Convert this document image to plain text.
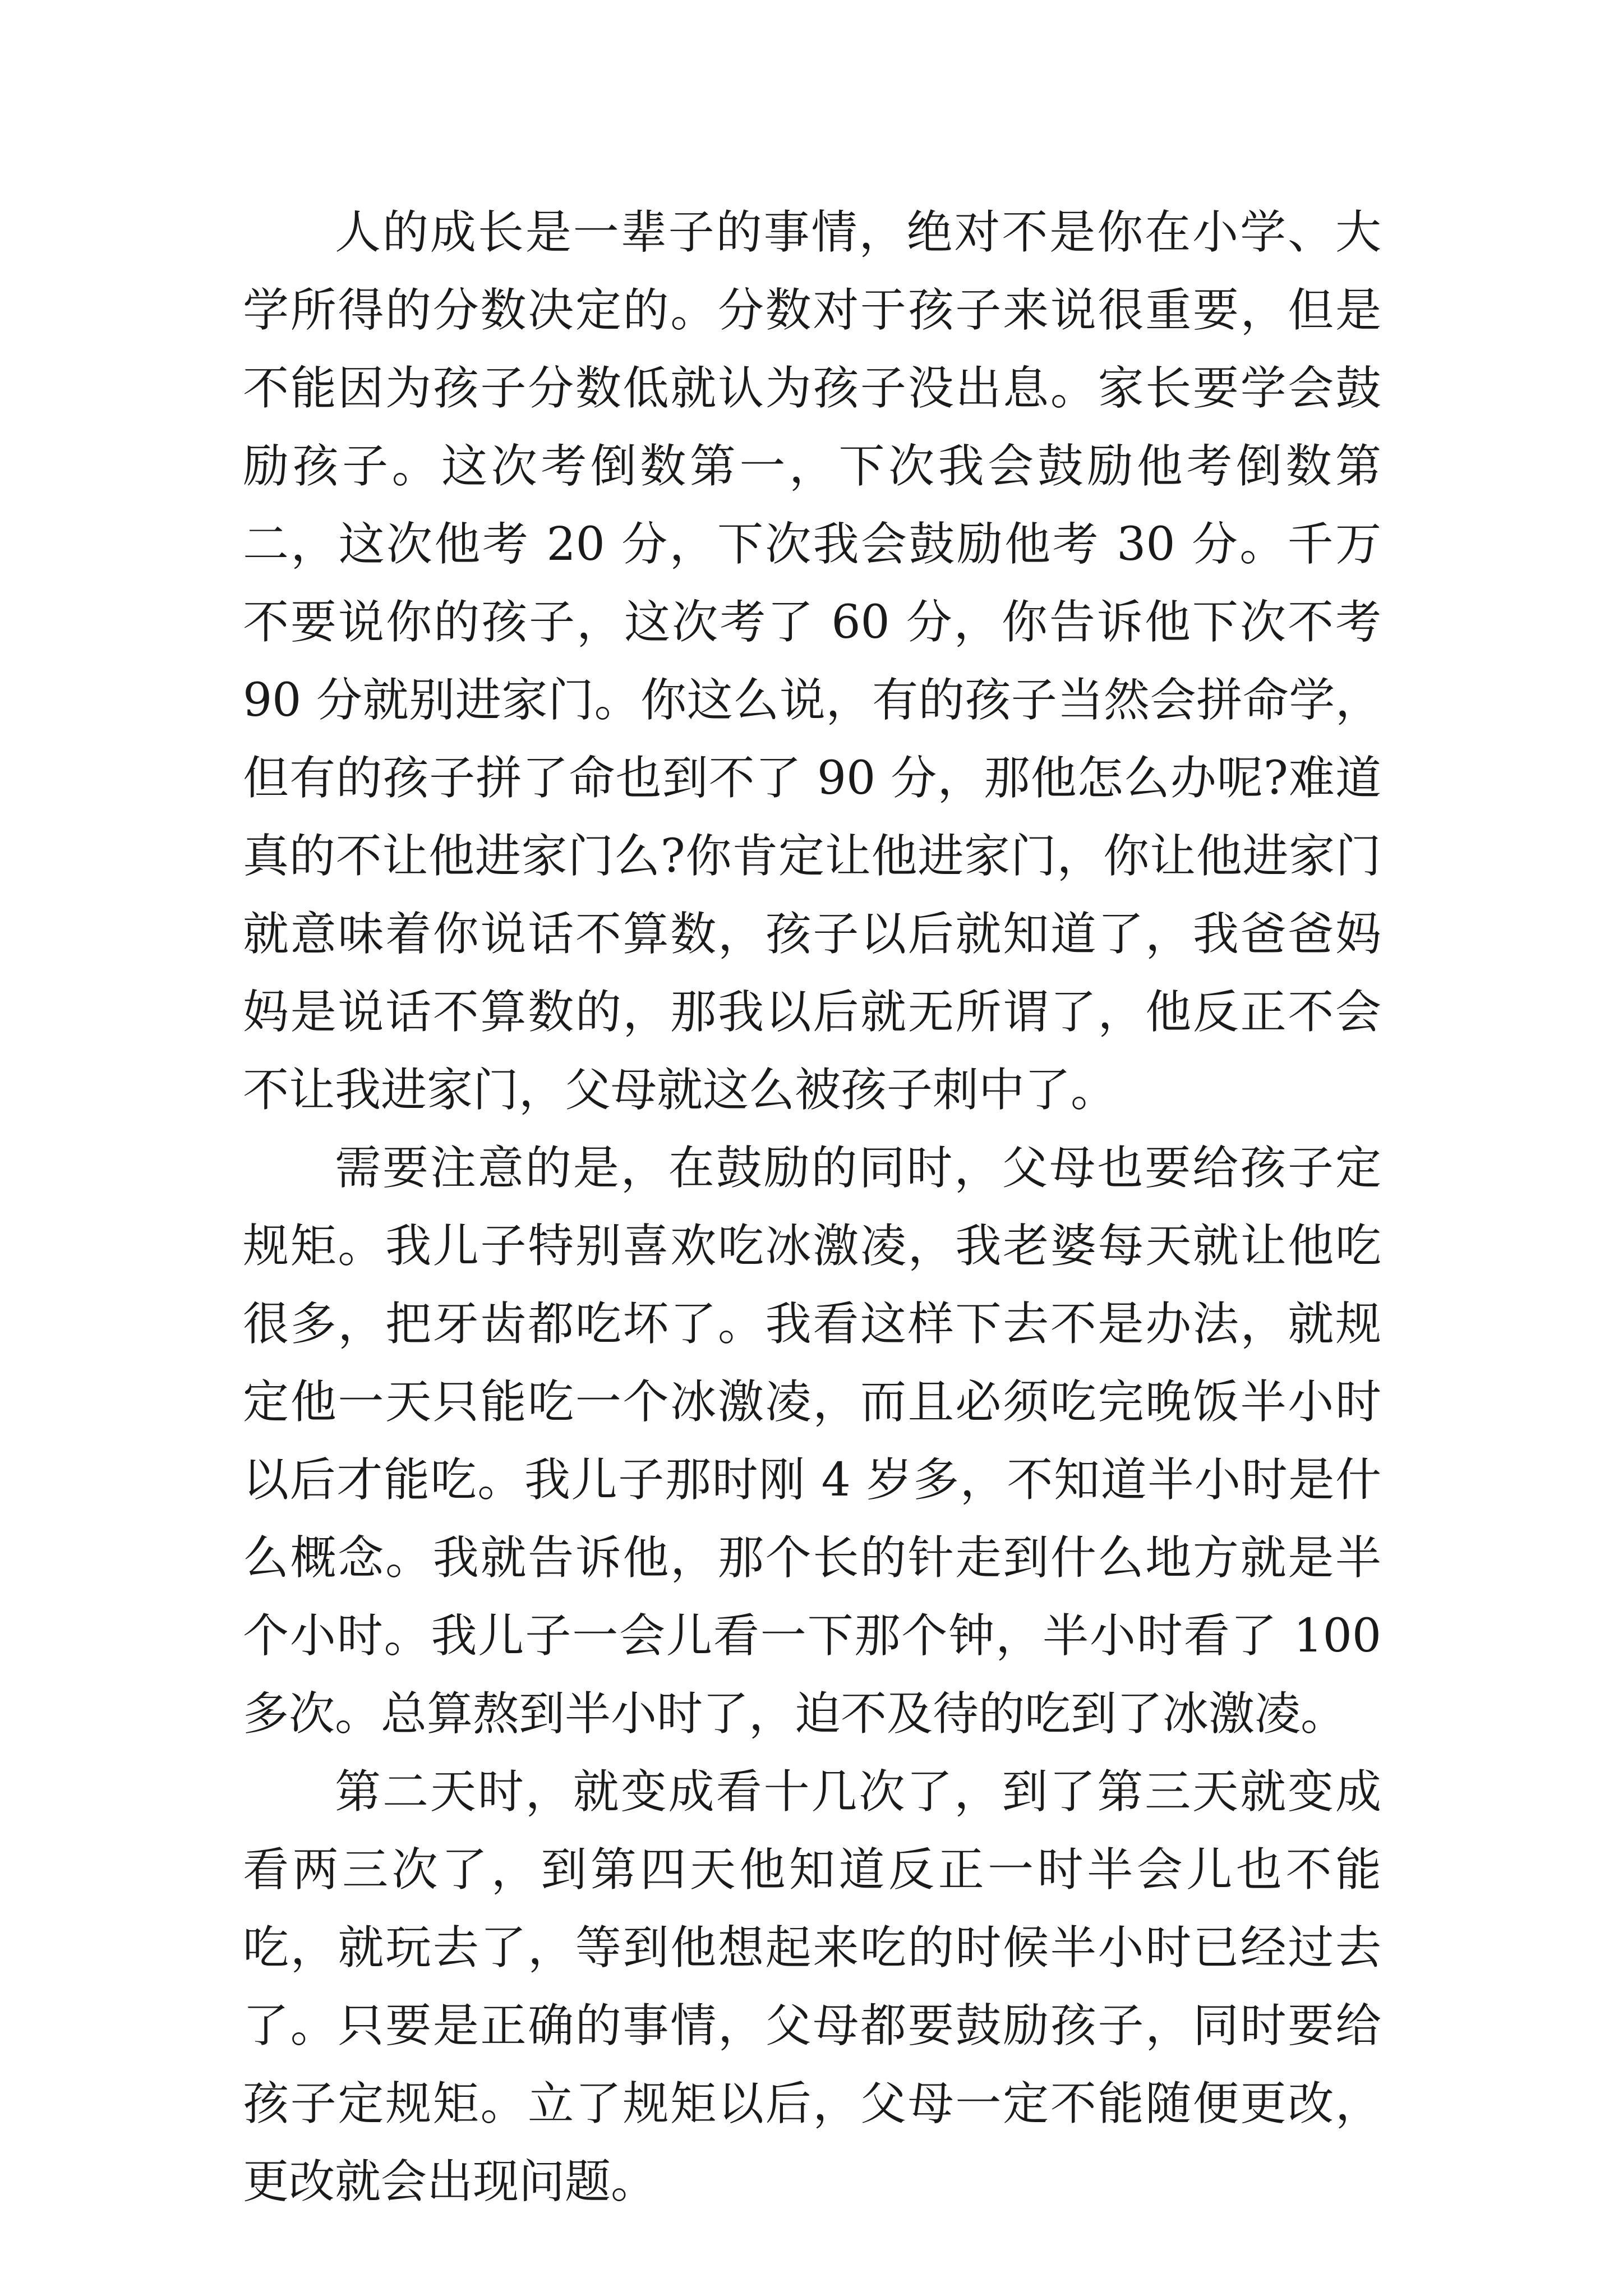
人的成长是一辈子的事情，绝对不是你在小学、大学所得的分数决定的。分数对于孩子来说很重要，但是不能因为孩子分数低就认为孩子没出息。家长要学会鼓励孩子。这次考倒数第一，下次我会鼓励他考倒数第二，这次他考 20 分，下次我会鼓励他考 30 分。千万不要说你的孩子，这次考了 60 分，你告诉他下次不考 90 分就别进家门。你这么说，有的孩子当然会拼命学，但有的孩子拼了命也到不了 90 分，那他怎么办呢?难道真的不让他进家门么?你肯定让他进家门，你让他进家门就意味着你说话不算数，孩子以后就知道了，我爸爸妈妈是说话不算数的，那我以后就无所谓了，他反正不会不让我进家门，父母就这么被孩子刺中了。

需要注意的是，在鼓励的同时，父母也要给孩子定规矩。我儿子特别喜欢吃冰激凌，我老婆每天就让他吃很多，把牙齿都吃坏了。我看这样下去不是办法，就规定他一天只能吃一个冰激凌，而且必须吃完晚饭半小时以后才能吃。我儿子那时刚 4 岁多，不知道半小时是什么概念。我就告诉他，那个长的针走到什么地方就是半个小时。我儿子一会儿看一下那个钟，半小时看了 100 多次。总算熬到半小时了，迫不及待的吃到了冰激凌。

第二天时，就变成看十几次了，到了第三天就变成看两三次了，到第四天他知道反正一时半会儿也不能吃，就玩去了，等到他想起来吃的时候半小时已经过去了。只要是正确的事情，父母都要鼓励孩子，同时要给孩子定规矩。立了规矩以后，父母一定不能随便更改，更改就会出现问题。
